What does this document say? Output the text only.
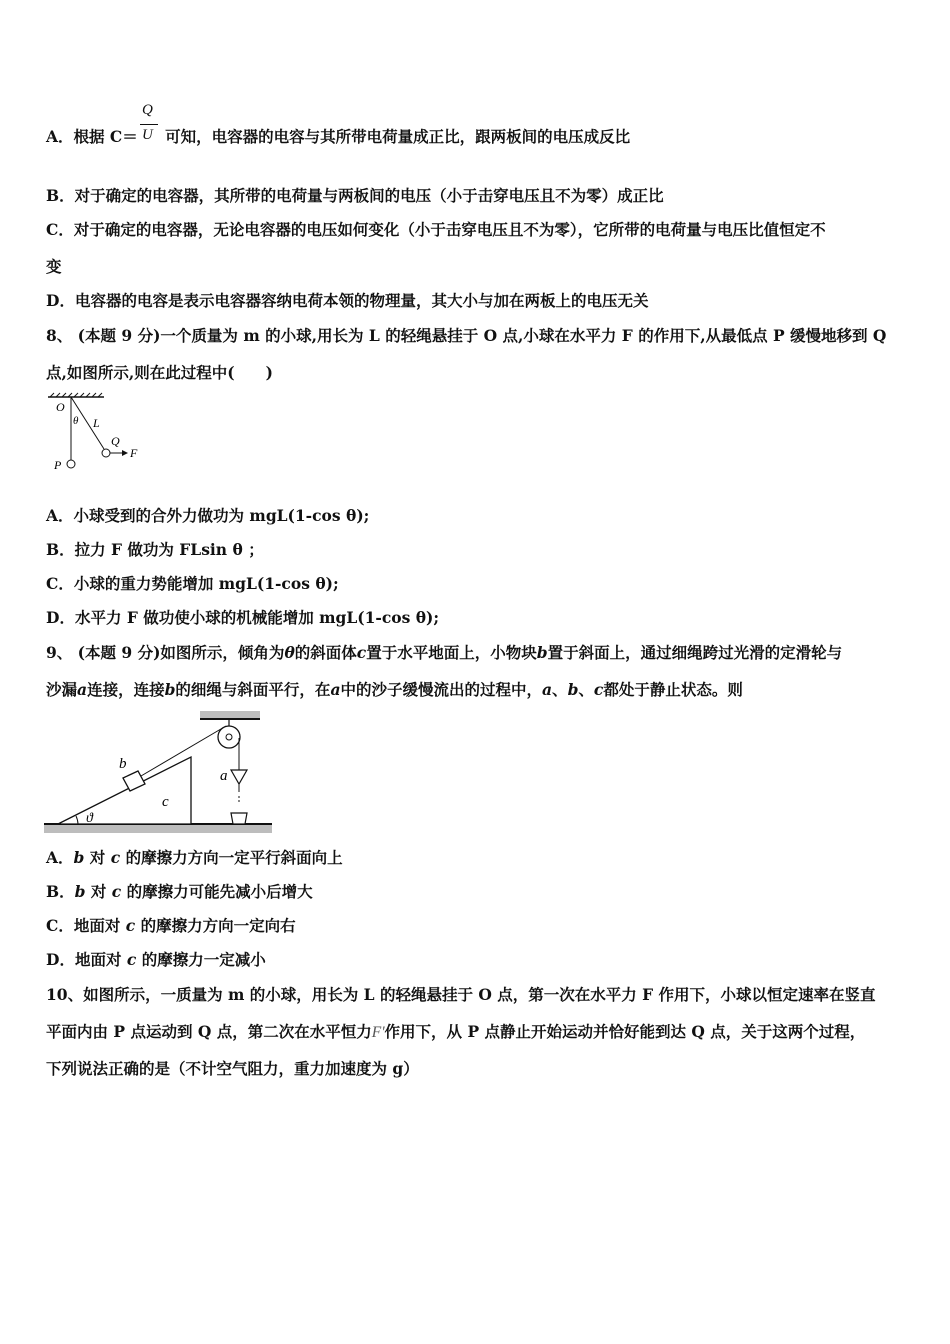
Q
U
A．根据 C＝ 可知，电容器的电容与其所带电荷量成正比，跟两板间的电压成反比
B．对于确定的电容器，其所带的电荷量与两板间的电压（小于击穿电压且不为零）成正比
C．对于确定的电容器，无论电容器的电压如何变化（小于击穿电压且不为零），它所带的电荷量与电压比值恒定不
变
D．电容器的电容是表示电容器容纳电荷本领的物理量，其大小与加在两板上的电压无关
8、 (本题 9 分)一个质量为 m 的小球,用长为 L 的轻绳悬挂于 O 点,小球在水平力 F 的作用下,从最低点 P 缓慢地移到 Q
点,如图所示,则在此过程中(　　)
O
θ L
Q
F
P
A．小球受到的合外力做功为 mgL(1-cos θ);
B．拉力 F 做功为 FLsin θ ；
C．小球的重力势能增加 mgL(1-cos θ);
D．水平力 F 做功使小球的机械能增加 mgL(1-cos θ);
9、 (本题 9 分)如图所示，倾角为θ的斜面体c置于水平地面上，小物块b置于斜面上，通过细绳跨过光滑的定滑轮与
沙漏a连接，连接b的细绳与斜面平行，在a中的沙子缓慢流出的过程中，a、b、c都处于静止状态。则
ϑ
b
c
a
A．b 对 c 的摩擦力方向一定平行斜面向上
B．b 对 c 的摩擦力可能先减小后增大
C．地面对 c 的摩擦力方向一定向右
D．地面对 c 的摩擦力一定减小
10、如图所示，一质量为 m 的小球，用长为 L 的轻绳悬挂于 O 点，第一次在水平力 F 作用下，小球以恒定速率在竖直
平面内由 P 点运动到 Q 点，第二次在水平恒力F'作用下，从 P 点静止开始运动并恰好能到达 Q 点，关于这两个过程，
下列说法正确的是（不计空气阻力，重力加速度为 g）
